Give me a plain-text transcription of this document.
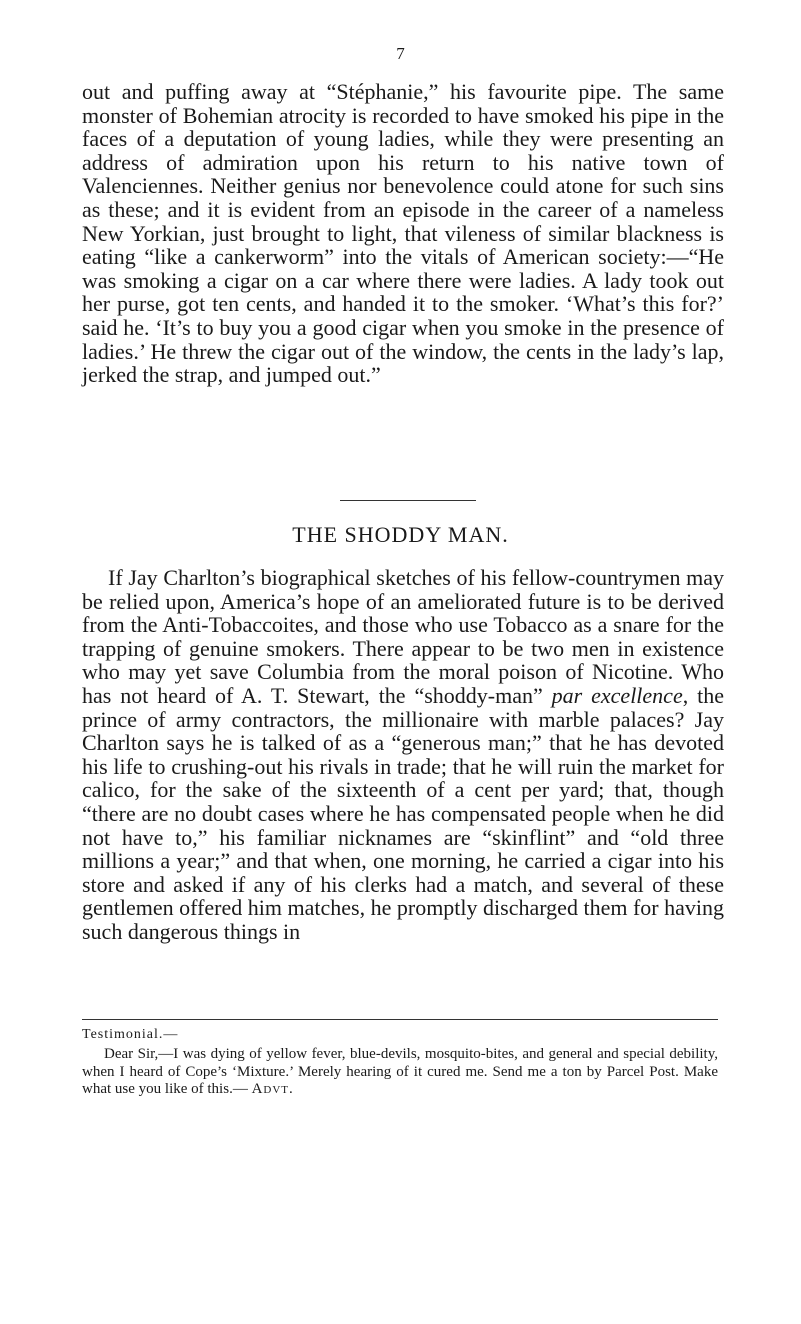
7

out and puffing away at “Stéphanie,” his favourite pipe. The same monster of Bohemian atrocity is recorded to have smoked his pipe in the faces of a deputation of young ladies, while they were presenting an address of admiration upon his return to his native town of Valenciennes. Neither genius nor benevolence could atone for such sins as these; and it is evident from an episode in the career of a nameless New Yorkian, just brought to light, that vileness of similar blackness is eating “like a cankerworm” into the vitals of American society:—“He was smoking a cigar on a car where there were ladies. A lady took out her purse, got ten cents, and handed it to the smoker. ‘What’s this for?’ said he. ‘It’s to buy you a good cigar when you smoke in the presence of ladies.’ He threw the cigar out of the window, the cents in the lady’s lap, jerked the strap, and jumped out.”

THE SHODDY MAN.

If Jay Charlton’s biographical sketches of his fellow-countrymen may be relied upon, America’s hope of an ameliorated future is to be derived from the Anti-Tobaccoites, and those who use Tobacco as a snare for the trapping of genuine smokers. There appear to be two men in existence who may yet save Columbia from the moral poison of Nicotine. Who has not heard of A. T. Stewart, the “shoddy-man” par excellence, the prince of army contractors, the millionaire with marble palaces? Jay Charlton says he is talked of as a “generous man;” that he has devoted his life to crushing-out his rivals in trade; that he will ruin the market for calico, for the sake of the sixteenth of a cent per yard; that, though “there are no doubt cases where he has compensated people when he did not have to,” his familiar nicknames are “skinflint” and “old three millions a year;” and that when, one morning, he carried a cigar into his store and asked if any of his clerks had a match, and several of these gentlemen offered him matches, he promptly discharged them for having such dangerous things in

Testimonial.—

Dear Sir,—I was dying of yellow fever, blue-devils, mosquito-bites, and general and special debility, when I heard of Cope’s ‘Mixture.’ Merely hearing of it cured me. Send me a ton by Parcel Post. Make what use you like of this.— Advt.
